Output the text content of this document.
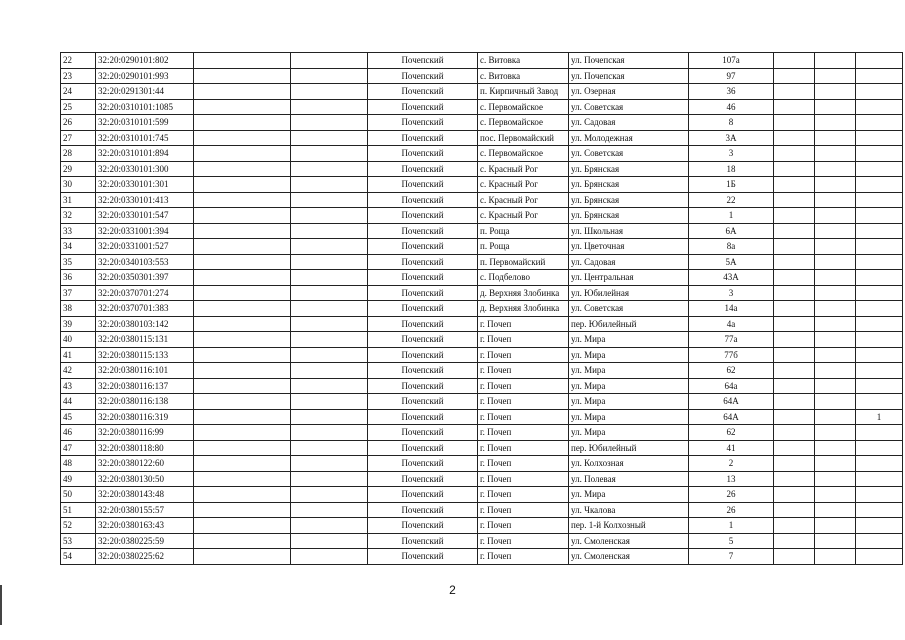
22	32:20:0290101:802			Почепский	с. Витовка	ул. Почепская	107а			
23	32:20:0290101:993			Почепский	с. Витовка	ул. Почепская	97			
24	32:20:0291301:44			Почепский	п. Кирпичный Завод	ул. Озерная	36			
25	32:20:0310101:1085			Почепский	с. Первомайское	ул. Советская	46			
26	32:20:0310101:599			Почепский	с. Первомайское	ул. Садовая	8			
27	32:20:0310101:745			Почепский	пос. Первомайский	ул. Молодежная	3А			
28	32:20:0310101:894			Почепский	с. Первомайское	ул. Советская	3			
29	32:20:0330101:300			Почепский	с. Красный Рог	ул. Брянская	18			
30	32:20:0330101:301			Почепский	с. Красный Рог	ул. Брянская	1Б			
31	32:20:0330101:413			Почепский	с. Красный Рог	ул. Брянская	22			
32	32:20:0330101:547			Почепский	с. Красный Рог	ул. Брянская	1			
33	32:20:0331001:394			Почепский	п. Роща	ул. Школьная	6А			
34	32:20:0331001:527			Почепский	п. Роща	ул. Цветочная	8а			
35	32:20:0340103:553			Почепский	п. Первомайский	ул. Садовая	5А			
36	32:20:0350301:397			Почепский	с. Подбелово	ул. Центральная	43А			
37	32:20:0370701:274			Почепский	д. Верхняя Злобинка	ул. Юбилейная	3			
38	32:20:0370701:383			Почепский	д. Верхняя Злобинка	ул. Советская	14а			
39	32:20:0380103:142			Почепский	г. Почеп	пер. Юбилейный	4а			
40	32:20:0380115:131			Почепский	г. Почеп	ул. Мира	77а			
41	32:20:0380115:133			Почепский	г. Почеп	ул. Мира	77б			
42	32:20:0380116:101			Почепский	г. Почеп	ул. Мира	62			
43	32:20:0380116:137			Почепский	г. Почеп	ул. Мира	64а			
44	32:20:0380116:138			Почепский	г. Почеп	ул. Мира	64А			
45	32:20:0380116:319			Почепский	г. Почеп	ул. Мира	64А			1
46	32:20:0380116:99			Почепский	г. Почеп	ул. Мира	62			
47	32:20:0380118:80			Почепский	г. Почеп	пер. Юбилейный	41			
48	32:20:0380122:60			Почепский	г. Почеп	ул. Колхозная	2			
49	32:20:0380130:50			Почепский	г. Почеп	ул. Полевая	13			
50	32:20:0380143:48			Почепский	г. Почеп	ул. Мира	26			
51	32:20:0380155:57			Почепский	г. Почеп	ул. Чкалова	26			
52	32:20:0380163:43			Почепский	г. Почеп	пер. 1-й Колхозный	1			
53	32:20:0380225:59			Почепский	г. Почеп	ул. Смоленская	5			
54	32:20:0380225:62			Почепский	г. Почеп	ул. Смоленская	7			
2
